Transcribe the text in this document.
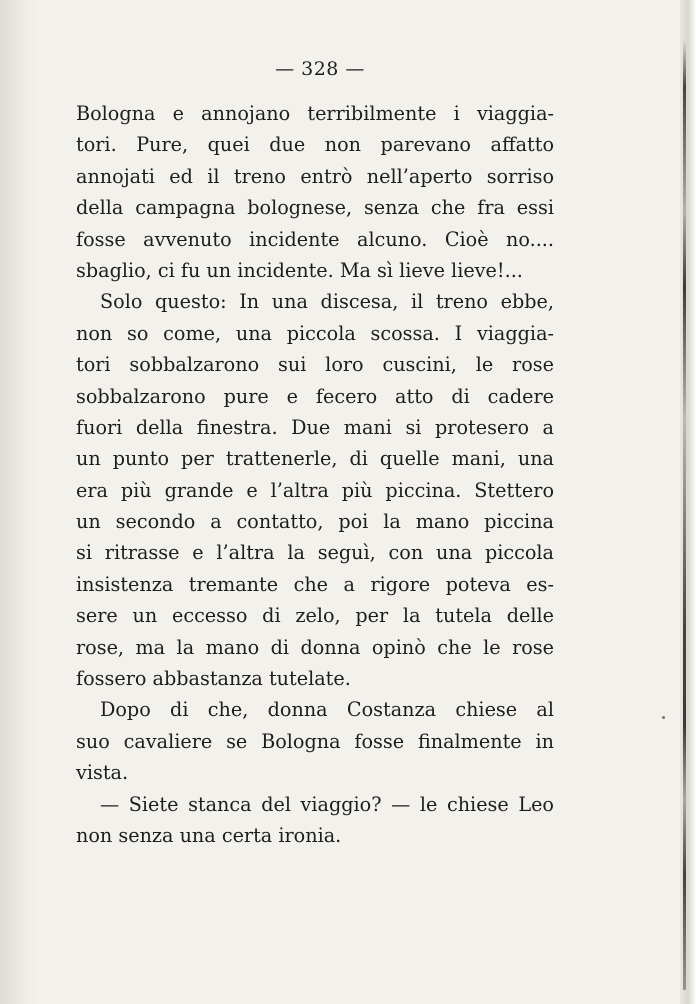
— 328 —
Bologna e annojano terribilmente i viaggia-
tori. Pure, quei due non parevano affatto
annojati ed il treno entrò nell’aperto sorriso
della campagna bolognese, senza che fra essi
fosse avvenuto incidente alcuno. Cioè no....
sbaglio, ci fu un incidente. Ma sì lieve lieve!...
Solo questo: In una discesa, il treno ebbe,
non so come, una piccola scossa. I viaggia-
tori sobbalzarono sui loro cuscini, le rose
sobbalzarono pure e fecero atto di cadere
fuori della finestra. Due mani si protesero a
un punto per trattenerle, di quelle mani, una
era più grande e l’altra più piccina. Stettero
un secondo a contatto, poi la mano piccina
si ritrasse e l’altra la seguì, con una piccola
insistenza tremante che a rigore poteva es-
sere un eccesso di zelo, per la tutela delle
rose, ma la mano di donna opinò che le rose
fossero abbastanza tutelate.
Dopo di che, donna Costanza chiese al
suo cavaliere se Bologna fosse finalmente in
vista.
— Siete stanca del viaggio? — le chiese Leo
non senza una certa ironia.
